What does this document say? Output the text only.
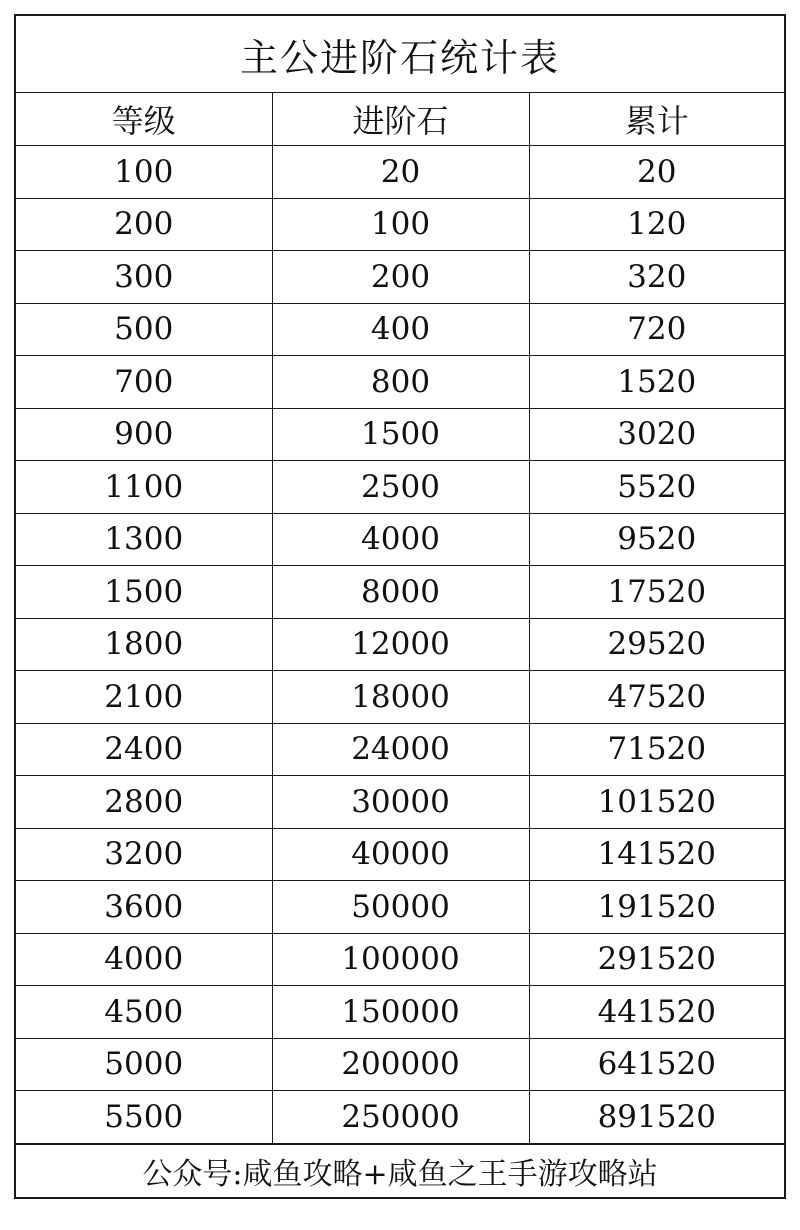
主公进阶石统计表
等级	进阶石	累计
100	20	20
200	100	120
300	200	320
500	400	720
700	800	1520
900	1500	3020
1100	2500	5520
1300	4000	9520
1500	8000	17520
1800	12000	29520
2100	18000	47520
2400	24000	71520
2800	30000	101520
3200	40000	141520
3600	50000	191520
4000	100000	291520
4500	150000	441520
5000	200000	641520
5500	250000	891520
公众号:咸鱼攻略+咸鱼之王手游攻略站
